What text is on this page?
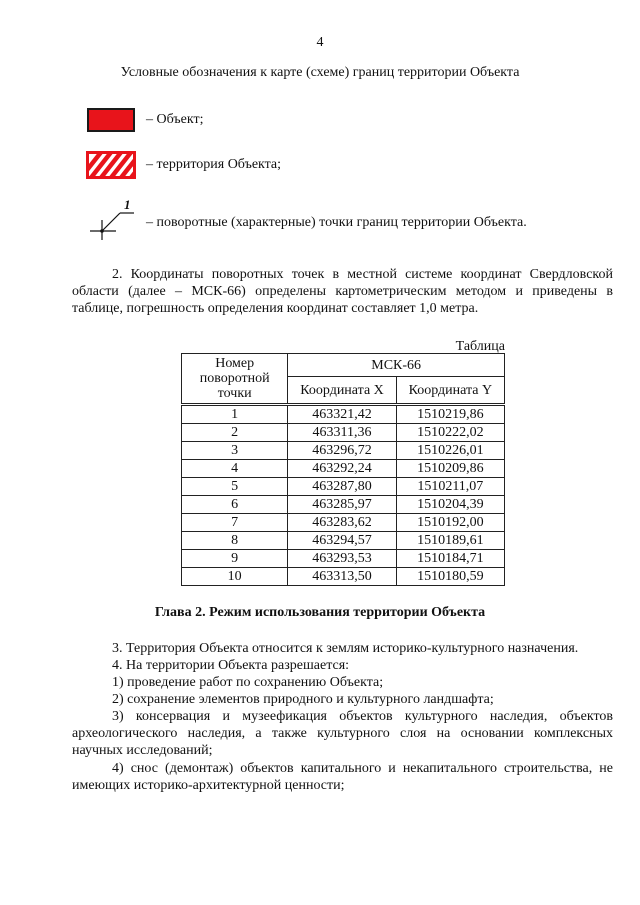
4
Условные обозначения к карте (схеме) границ территории Объекта
– Объект;
– территория Объекта;
1
– поворотные (характерные) точки границ территории Объекта.
2. Координаты поворотных точек в местной системе координат Свердловской области (далее – МСК-66) определены картометрическим методом и приведены в таблице, погрешность определения координат составляет 1,0 метра.
Таблица
Номер поворотной точки	МСК-66	
	Координата X	Координата Y
1	463321,42	1510219,86
2	463311,36	1510222,02
3	463296,72	1510226,01
4	463292,24	1510209,86
5	463287,80	1510211,07
6	463285,97	1510204,39
7	463283,62	1510192,00
8	463294,57	1510189,61
9	463293,53	1510184,71
10	463313,50	1510180,59
Глава 2. Режим использования территории Объекта

3. Территория Объекта относится к землям историко-культурного назначения.

4. На территории Объекта разрешается:

1) проведение работ по сохранению Объекта;

2) сохранение элементов природного и культурного ландшафта;

3) консервация и музеефикация объектов культурного наследия, объектов археологического наследия, а также культурного слоя на основании комплексных научных исследований;

4) снос (демонтаж) объектов капитального и некапитального строительства, не имеющих историко-архитектурной ценности;
